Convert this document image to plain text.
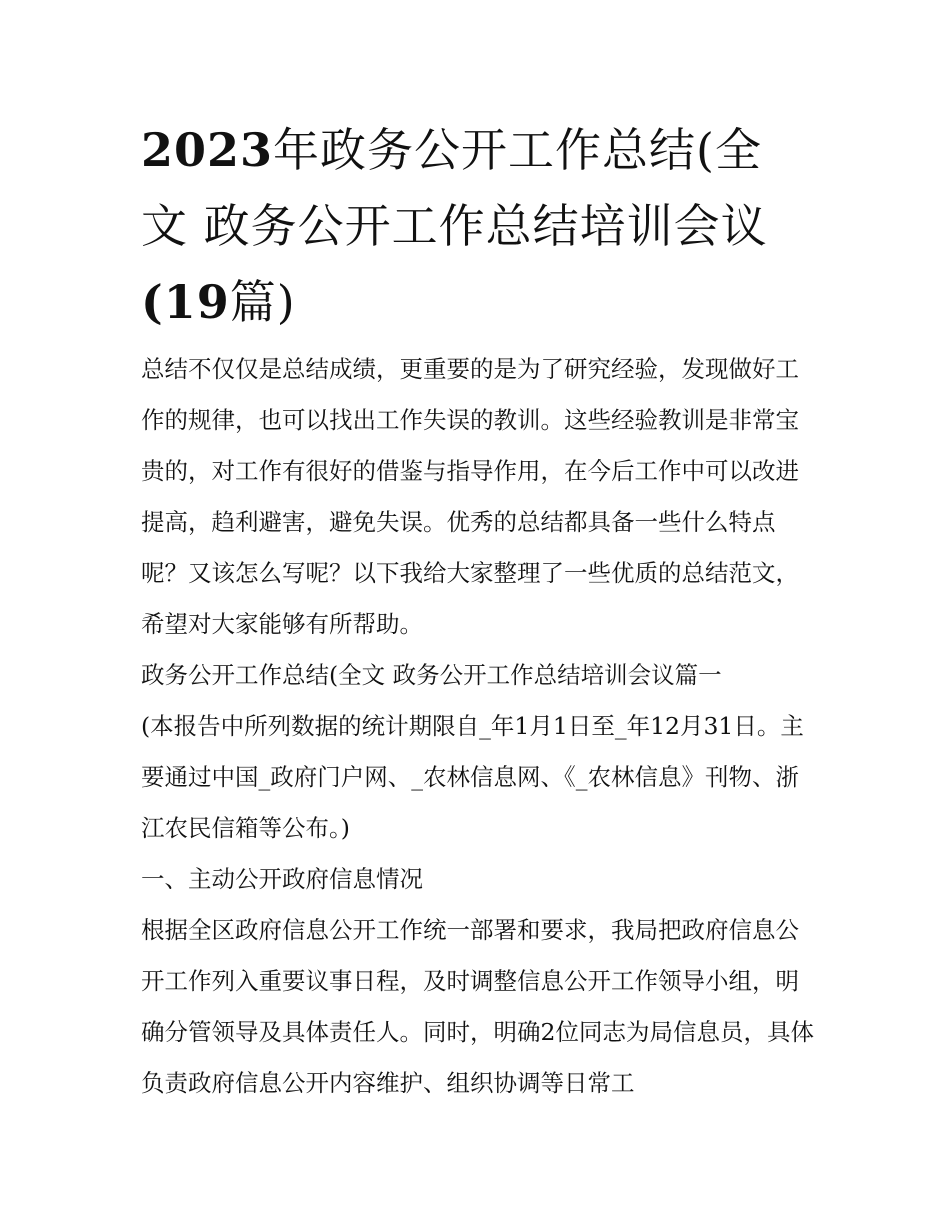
2023年政务公开工作总结(全
文 政务公开工作总结培训会议
(19篇)

总结不仅仅是总结成绩，更重要的是为了研究经验，发现做好工作的规律，也可以找出工作失误的教训。这些经验教训是非常宝贵的，对工作有很好的借鉴与指导作用，在今后工作中可以改进提高，趋利避害，避免失误。优秀的总结都具备一些什么特点呢？又该怎么写呢？以下我给大家整理了一些优质的总结范文，希望对大家能够有所帮助。

政务公开工作总结(全文 政务公开工作总结培训会议篇一

(本报告中所列数据的统计期限自_年1月1日至_年12月31日。主要通过中国_政府门户网、_农林信息网、《_农林信息》刊物、浙江农民信箱等公布。)

一、主动公开政府信息情况

根据全区政府信息公开工作统一部署和要求，我局把政府信息公开工作列入重要议事日程，及时调整信息公开工作领导小组，明确分管领导及具体责任人。同时，明确2位同志为局信息员，具体负责政府信息公开内容维护、组织协调等日常工
